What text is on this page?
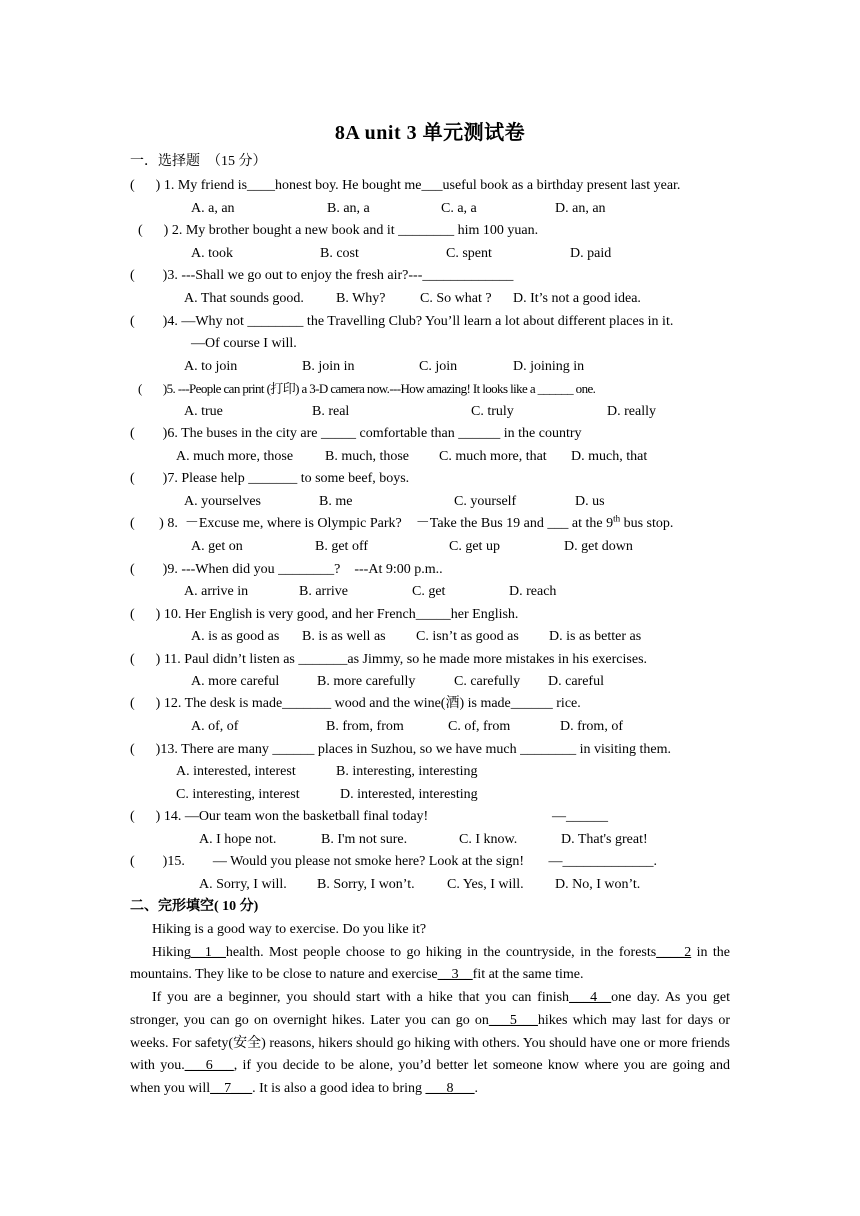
8A unit 3 单元测试卷
一．选择题　（15 分）
(      ) 1. My friend is____honest boy. He bought me___useful book as a birthday present last year.
A. a, an	B. an, a	C. a, a	D. an, an
(      ) 2. My brother bought a new book and it ________ him 100 yuan.
A. took	B. cost	C. spent	D. paid
(        )3. ---Shall we go out to enjoy the fresh air?---_____________
A. That sounds good. B. Why? C. So what ? D. It’s not a good idea.
(        )4. —Why not ________ the Travelling Club? You’ll learn a lot about different places in it.
—Of course I will.
A. to join	B. join in	C. join	D. joining in
(        )5. ---People can print (打印) a 3-D camera now.---How amazing! It looks like a ______ one.
A. true	B. real	C. truly	D. really
(        )6. The buses in the city are _____ comfortable than ______ in the country
A. much more, those B. much, those C. much more, that D. much, that
(        )7. Please help _______ to some beef, boys.
A. yourselves	B. me	C. yourself	D. us
(       ) 8.  －Excuse me, where is Olympic Park?    －Take the Bus 19 and ___ at the 9th bus stop.
A. get on	B. get off	C. get up	D. get down
(        )9. ---When did you ________?    ---At 9:00 p.m..
A. arrive in	B. arrive	C. get	D. reach
(      ) 10. Her English is very good, and her French_____her English.
A. is as good as B. is as well as C. isn’t as good as D. is as better as
(      ) 11. Paul didn’t listen as _______as Jimmy, so he made more mistakes in his exercises.
A. more careful	B. more carefully	C. carefully D. careful
(      ) 12. The desk is made_______ wood and the wine(酒) is made______ rice.
A. of, of	B. from, from	C. of, from	D. from, of
(      )13. There are many ______ places in Suzhou, so we have much ________ in visiting them.
A. interested, interest	B. interesting, interesting
C. interesting, interest	D. interested, interesting
(      ) 14. —Our team won the basketball final today!	—______
A. I hope not.	B. I'm not sure.	C. I know.	D. That's great!
(        )15.        — Would you please not smoke here? Look at the sign!       —_____________.
A. Sorry, I will. B. Sorry, I won’t. C. Yes, I will. D. No, I won’t.
二、完形填空( 10 分)

Hiking is a good way to exercise. Do you like it?

Hiking__1__health. Most people choose to go hiking in the countryside, in the forests____2 in the mountains. They like to be close to nature and exercise__3__fit at the same time.

If you are a beginner, you should start with a hike that you can finish___4__one day. As you get stronger, you can go on overnight hikes. Later you can go on___5___hikes which may last for days or weeks. For safety(安全) reasons, hikers should go hiking with others. You should have one or more friends with you.___6___, if you decide to be alone, you’d better let someone know where you are going and when you will__7___. It is also a good idea to bring ___8___.
